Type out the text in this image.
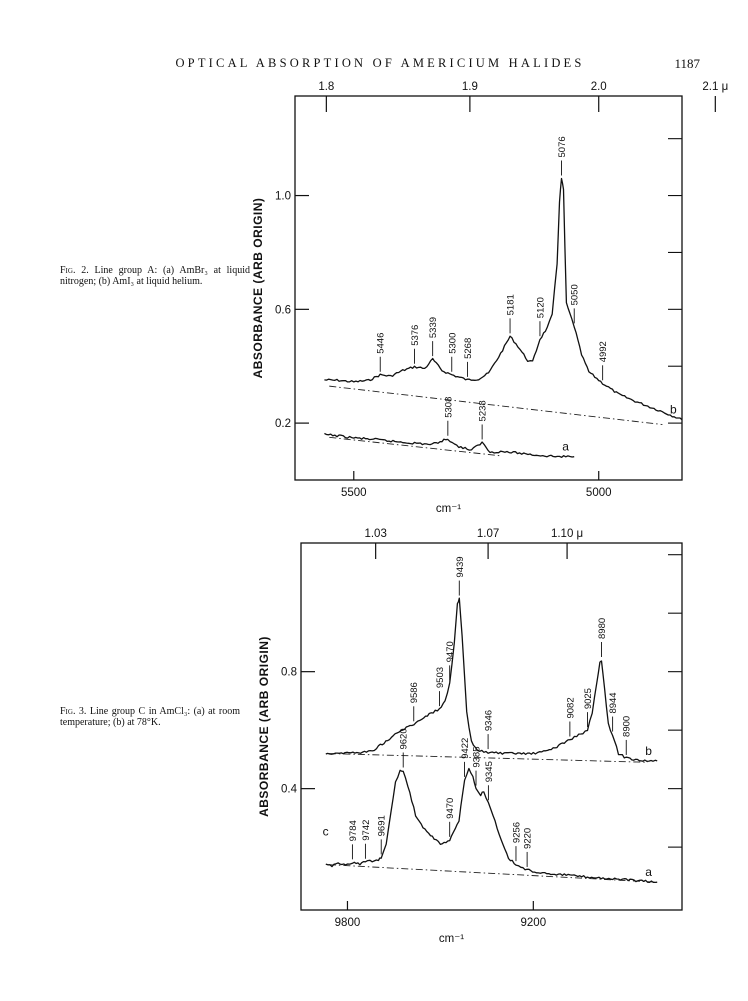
OPTICAL ABSORPTION OF AMERICIUM HALIDES	1187
Fig. 2. Line group A: (a) AmBr₃ at liquid nitrogen; (b) AmI₃ at liquid helium.
Fig. 3. Line group C in AmCl₃: (a) at room temperature; (b) at 78°K.
5500	5000
cm⁻¹
1.8	1.9	2.0	2.1 μ
0.2
0.6
1.0
ABSORBANCE (ARB ORIGIN)
b
a
5446 5376 5339
5300 5268
5181 5120
5076
5050
4992
5308 5238
9800	9200
cm⁻¹
1.03	1.07	1.10 μ
0.4
0.8
ABSORBANCE (ARB ORIGIN)	b
a
9784 9742 9691
9620
9586
9503
9470
9439
9346
9470
9422 9385
9345
9256 9220
9082 9025
8980
8944
8900
c
